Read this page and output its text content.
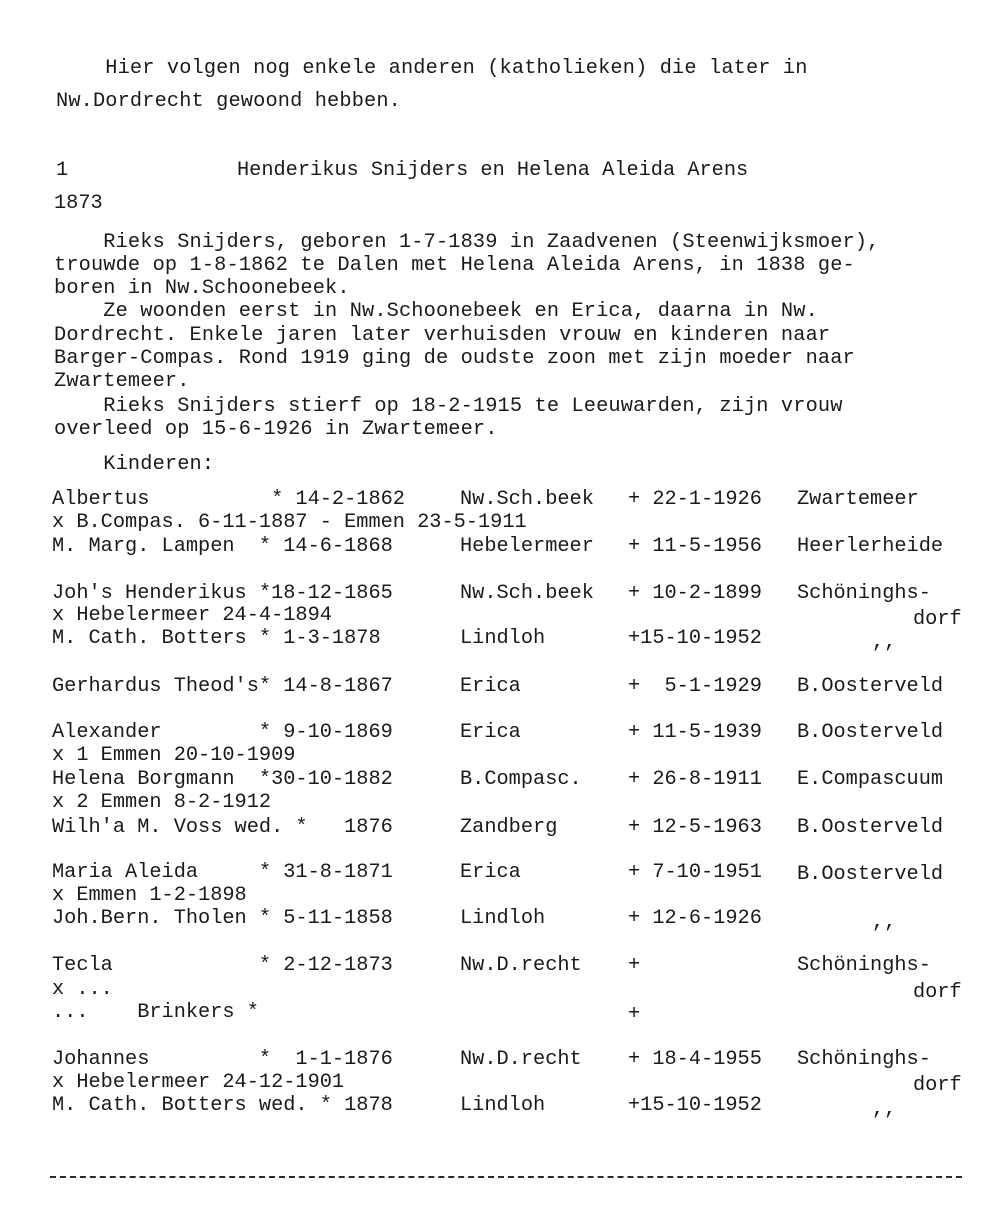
Hier volgen nog enkele anderen (katholieken) die later in
Nw.Dordrecht gewoond hebben.
1	Henderikus Snijders en Helena Aleida Arens
1873
Rieks Snijders, geboren 1-7-1839 in Zaadvenen (Steenwijksmoer),
trouwde op 1-8-1862 te Dalen met Helena Aleida Arens, in 1838 ge-
boren in Nw.Schoonebeek.
Ze woonden eerst in Nw.Schoonebeek en Erica, daarna in Nw.
Dordrecht. Enkele jaren later verhuisden vrouw en kinderen naar
Barger-Compas. Rond 1919 ging de oudste zoon met zijn moeder naar
Zwartemeer.
Rieks Snijders stierf op 18-2-1915 te Leeuwarden, zijn vrouw
overleed op 15-6-1926 in Zwartemeer.
Kinderen:
Albertus          * 14-2-1862	Nw.Sch.beek + 22-1-1926 Zwartemeer
x B.Compas. 6-11-1887 - Emmen 23-5-1911
M. Marg. Lampen  * 14-6-1868	Hebelermeer + 11-5-1956 Heerlerheide
Joh's Henderikus *18-12-1865	Nw.Sch.beek + 10-2-1899 Schöninghs-
x Hebelermeer 24-4-1894	dorf
M. Cath. Botters * 1-3-1878	Lindloh	+15-10-1952	,,
Gerhardus Theod's* 14-8-1867	Erica	+  5-1-1929 B.Oosterveld
Alexander        * 9-10-1869	Erica	+ 11-5-1939 B.Oosterveld
x 1 Emmen 20-10-1909
Helena Borgmann  *30-10-1882	B.Compasc. + 26-8-1911 E.Compascuum
x 2 Emmen 8-2-1912
Wilh'a M. Voss wed. *   1876	Zandberg	+ 12-5-1963 B.Oosterveld
Maria Aleida     * 31-8-1871	Erica	+ 7-10-1951 B.Oosterveld
x Emmen 1-2-1898
Joh.Bern. Tholen * 5-11-1858	Lindloh	+ 12-6-1926	,,
Tecla            * 2-12-1873	Nw.D.recht +	Schöninghs-
x ...	dorf
...    Brinkers *	+
Johannes         *  1-1-1876	Nw.D.recht + 18-4-1955 Schöninghs-
x Hebelermeer 24-12-1901	dorf
M. Cath. Botters wed. * 1878	Lindloh	+15-10-1952	,,
